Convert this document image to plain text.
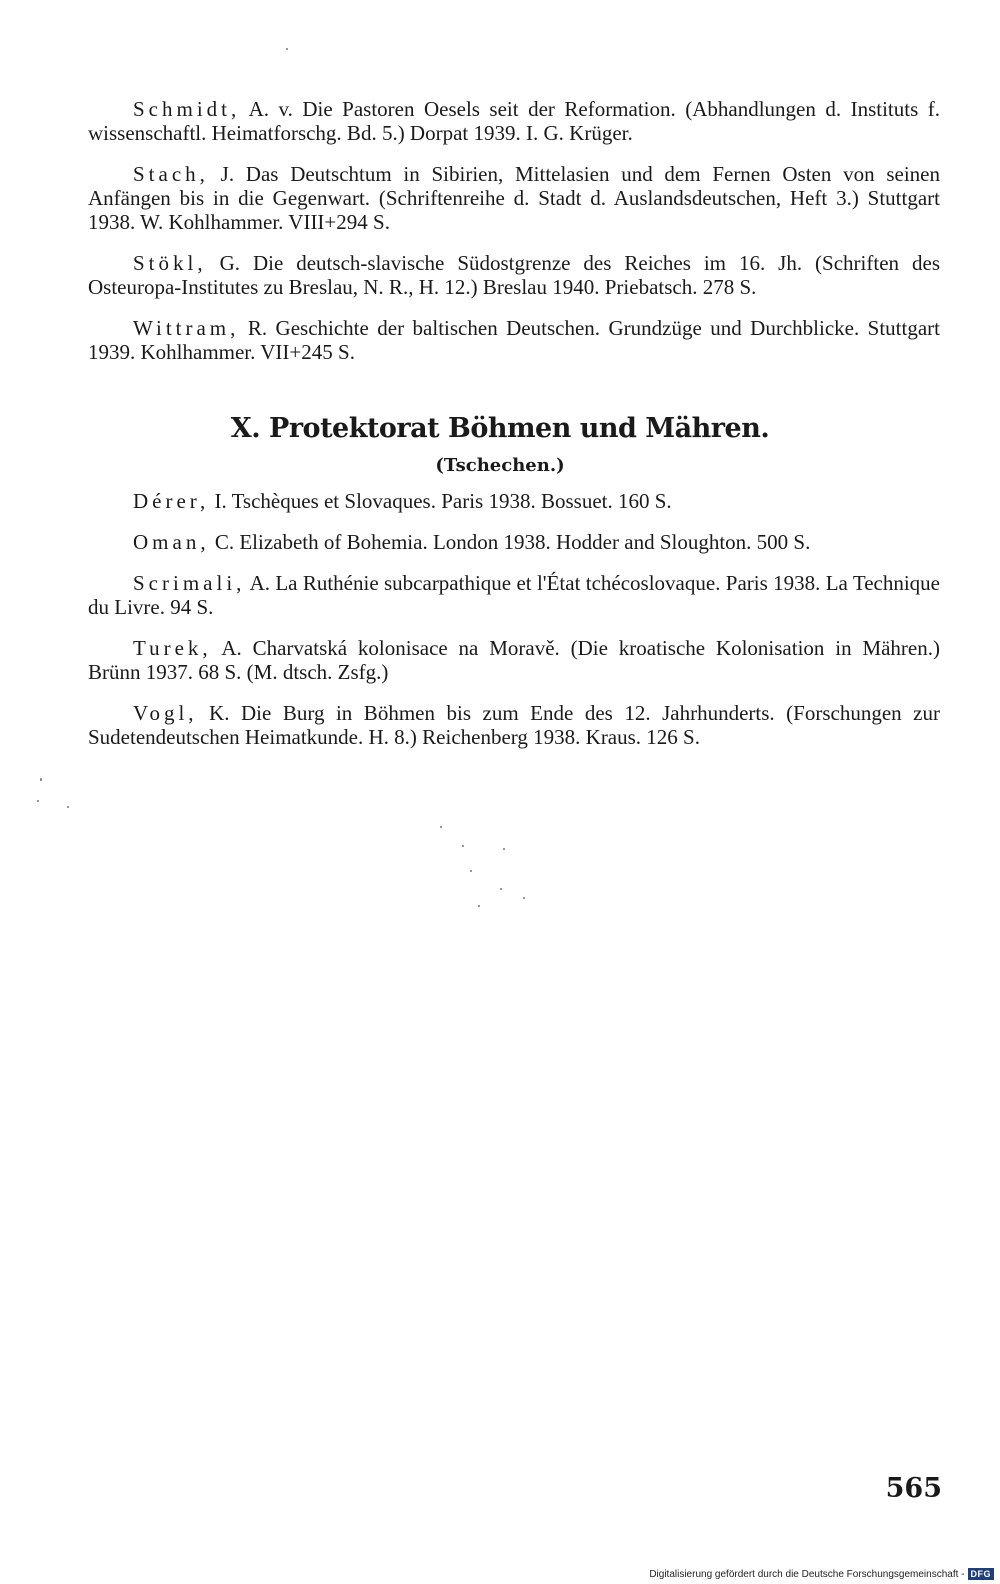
Schmidt, A. v. Die Pastoren Oesels seit der Reformation. (Abhandlungen d. Instituts f. wissenschaftl. Heimatforschg. Bd. 5.) Dorpat 1939. I. G. Krüger.

Stach, J. Das Deutschtum in Sibirien, Mittelasien und dem Fernen Osten von seinen Anfängen bis in die Gegenwart. (Schriftenreihe d. Stadt d. Auslandsdeutschen, Heft 3.) Stuttgart 1938. W. Kohlhammer. VIII+294 S.

Stökl, G. Die deutsch-slavische Südostgrenze des Reiches im 16. Jh. (Schriften des Osteuropa-Institutes zu Breslau, N. R., H. 12.) Breslau 1940. Priebatsch. 278 S.

Wittram, R. Geschichte der baltischen Deutschen. Grundzüge und Durchblicke. Stuttgart 1939. Kohlhammer. VII+245 S.

X. Protektorat Böhmen und Mähren.
(Tschechen.)

Dérer, I. Tschèques et Slovaques. Paris 1938. Bossuet. 160 S.

Oman, C. Elizabeth of Bohemia. London 1938. Hodder and Sloughton. 500 S.

Scrimali, A. La Ruthénie subcarpathique et l'État tchécoslovaque. Paris 1938. La Technique du Livre. 94 S.

Turek, A. Charvatská kolonisace na Moravě. (Die kroatische Kolonisation in Mähren.) Brünn 1937. 68 S. (M. dtsch. Zsfg.)

Vogl, K. Die Burg in Böhmen bis zum Ende des 12. Jahrhunderts. (Forschungen zur Sudetendeutschen Heimatkunde. H. 8.) Reichenberg 1938. Kraus. 126 S.

565
Digitalisierung gefördert durch die Deutsche Forschungsgemeinschaft - DFG
